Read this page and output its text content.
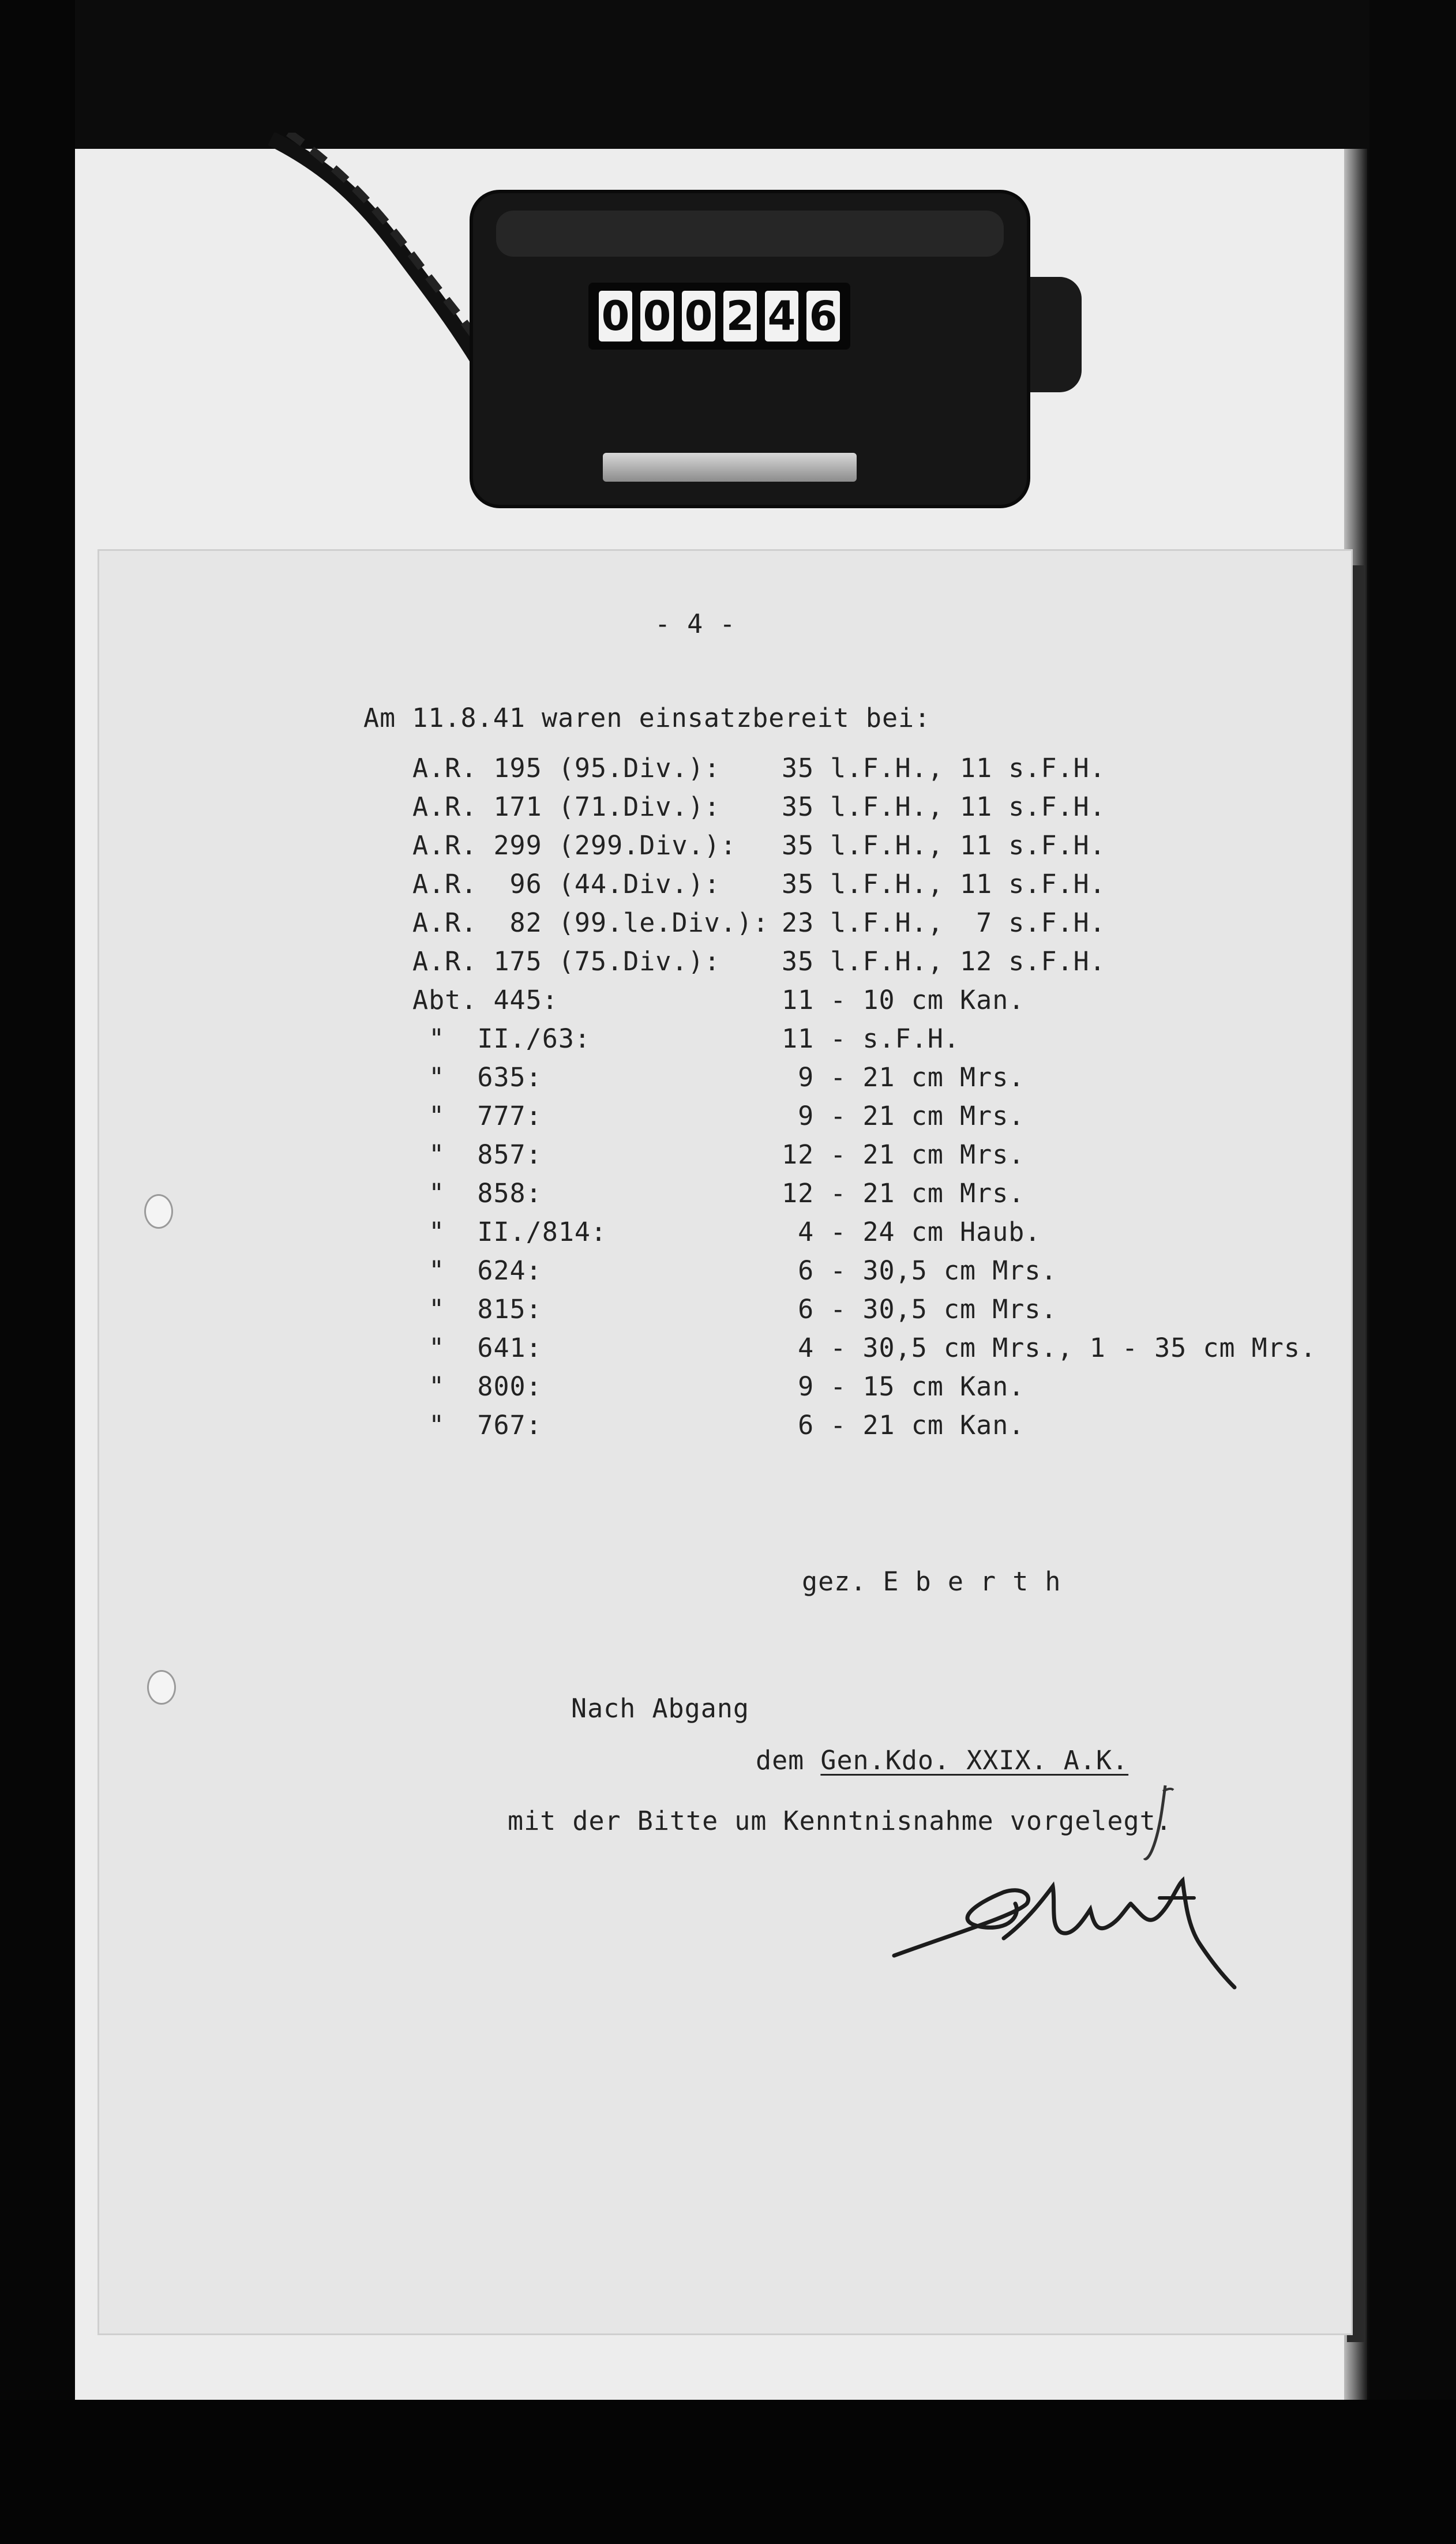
0 0 0 2 4 6
- 4 -
Am 11.8.41 waren einsatzbereit bei:
A.R. 195 (95.Div.): 35 l.F.H., 11 s.F.H.
A.R. 171 (71.Div.): 35 l.F.H., 11 s.F.H.
A.R. 299 (299.Div.): 35 l.F.H., 11 s.F.H.
A.R.  96 (44.Div.): 35 l.F.H., 11 s.F.H.
A.R.  82 (99.le.Div.): 23 l.F.H.,  7 s.F.H.
A.R. 175 (75.Div.): 35 l.F.H., 12 s.F.H.
Abt. 445:	11 - 10 cm Kan.
"  II./63:	11 - s.F.H.
"  635:	9 - 21 cm Mrs.
"  777:	9 - 21 cm Mrs.
"  857:	12 - 21 cm Mrs.
"  858:	12 - 21 cm Mrs.
"  II./814:	4 - 24 cm Haub.
"  624:	6 - 30,5 cm Mrs.
"  815:	6 - 30,5 cm Mrs.
"  641:	4 - 30,5 cm Mrs., 1 - 35 cm Mrs.
"  800:	9 - 15 cm Kan.
"  767:	6 - 21 cm Kan.
gez. E b e r t h
Nach Abgang
dem Gen.Kdo. XXIX. A.K.
mit der Bitte um Kenntnisnahme vorgelegt.
